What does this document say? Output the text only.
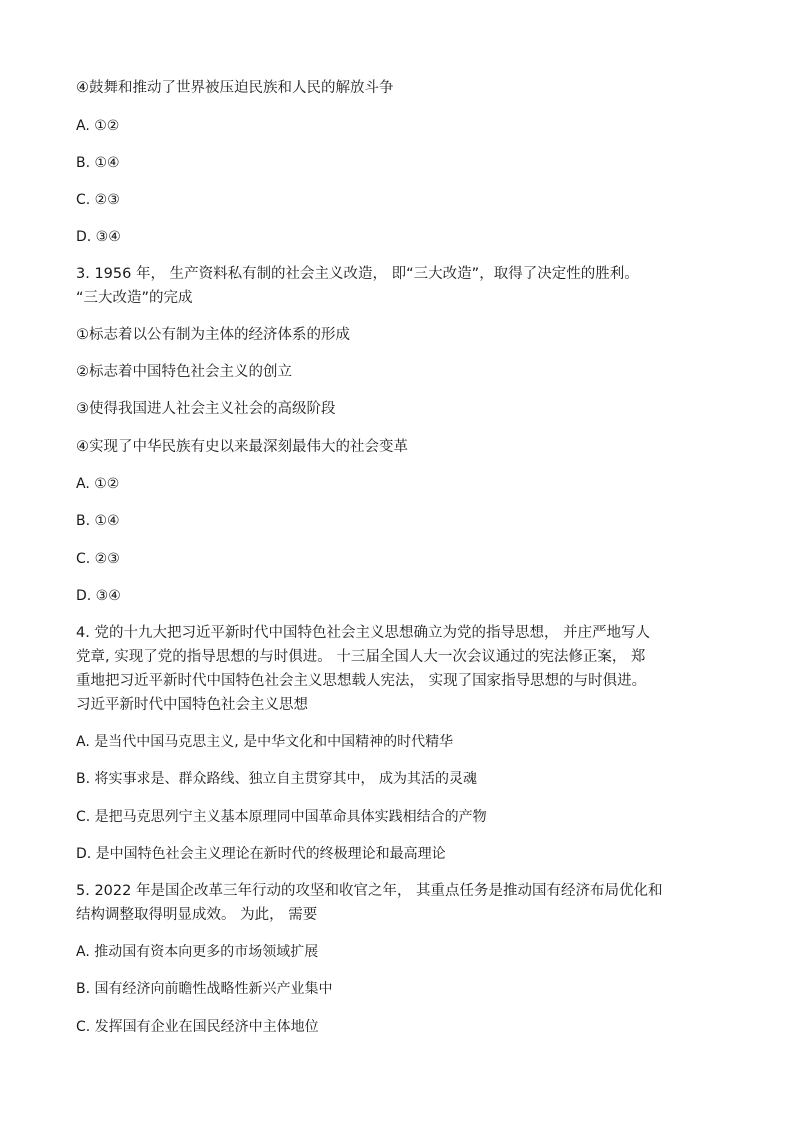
④鼓舞和推动了世界被压迫民族和人民的解放斗争
A. ①②
B. ①④
C. ②③
D. ③④
3. 1956 年， 生产资料私有制的社会主义改造， 即“三大改造”，取得了决定性的胜利。
“三大改造”的完成
①标志着以公有制为主体的经济体系的形成
②标志着中国特色社会主义的创立
③使得我国进人社会主义社会的高级阶段
④实现了中华民族有史以来最深刻最伟大的社会变革
A. ①②
B. ①④
C. ②③
D. ③④
4. 党的十九大把习近平新时代中国特色社会主义思想确立为党的指导思想， 并庄严地写人
党章, 实现了党的指导思想的与时俱进。 十三届全国人大一次会议通过的宪法修正案， 郑
重地把习近平新时代中国特色社会主义思想载人宪法， 实现了国家指导思想的与时俱进。
习近平新时代中国特色社会主义思想
A. 是当代中国马克思主义, 是中华文化和中国精神的时代精华
B. 将实事求是、群众路线、独立自主贯穿其中， 成为其活的灵魂
C. 是把马克思列宁主义基本原理同中国革命具体实践相结合的产物
D. 是中国特色社会主义理论在新时代的终极理论和最高理论
5. 2022 年是国企改革三年行动的攻坚和收官之年， 其重点任务是推动国有经济布局优化和
结构调整取得明显成效。 为此， 需要
A. 推动国有资本向更多的市场领域扩展
B. 国有经济向前瞻性战略性新兴产业集中
C. 发挥国有企业在国民经济中主体地位
